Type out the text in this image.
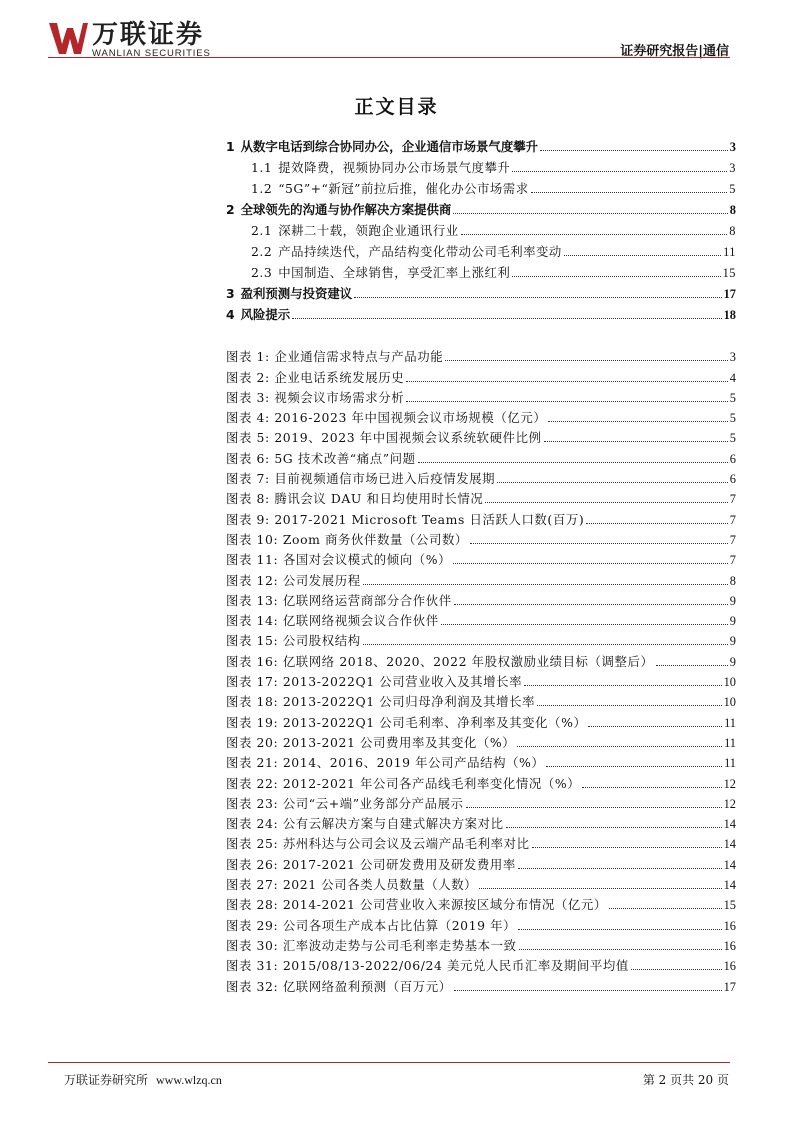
万联证券
WANLIAN SECURITIES	证券研究报告|通信
正文目录
1 从数字电话到综合协同办公，企业通信市场景气度攀升	3
1.1 提效降费，视频协同办公市场景气度攀升	3
1.2 “5G”+“新冠”前拉后推，催化办公市场需求	5
2 全球领先的沟通与协作解决方案提供商	8
2.1 深耕二十载，领跑企业通讯行业	8
2.2 产品持续迭代，产品结构变化带动公司毛利率变动	11
2.3 中国制造、全球销售，享受汇率上涨红利	15
3 盈利预测与投资建议	17
4 风险提示	18
图表 1: 企业通信需求特点与产品功能	3
图表 2: 企业电话系统发展历史	4
图表 3: 视频会议市场需求分析	5
图表 4: 2016-2023 年中国视频会议市场规模（亿元）	5
图表 5: 2019、2023 年中国视频会议系统软硬件比例	5
图表 6: 5G 技术改善“痛点”问题	6
图表 7: 目前视频通信市场已进入后疫情发展期	6
图表 8: 腾讯会议 DAU 和日均使用时长情况	7
图表 9: 2017-2021 Microsoft Teams 日活跃人口数(百万)	7
图表 10: Zoom 商务伙伴数量（公司数）	7
图表 11: 各国对会议模式的倾向（%）	7
图表 12: 公司发展历程	8
图表 13: 亿联网络运营商部分合作伙伴	9
图表 14: 亿联网络视频会议合作伙伴	9
图表 15: 公司股权结构	9
图表 16: 亿联网络 2018、2020、2022 年股权激励业绩目标（调整后）	9
图表 17: 2013-2022Q1 公司营业收入及其增长率	10
图表 18: 2013-2022Q1 公司归母净利润及其增长率	10
图表 19: 2013-2022Q1 公司毛利率、净利率及其变化（%）	11
图表 20: 2013-2021 公司费用率及其变化（%）	11
图表 21: 2014、2016、2019 年公司产品结构（%）	11
图表 22: 2012-2021 年公司各产品线毛利率变化情况（%）	12
图表 23: 公司“云+端”业务部分产品展示	12
图表 24: 公有云解决方案与自建式解决方案对比	14
图表 25: 苏州科达与公司会议及云端产品毛利率对比	14
图表 26: 2017-2021 公司研发费用及研发费用率	14
图表 27: 2021 公司各类人员数量（人数）	14
图表 28: 2014-2021 公司营业收入来源按区域分布情况（亿元）	15
图表 29: 公司各项生产成本占比估算（2019 年）	16
图表 30: 汇率波动走势与公司毛利率走势基本一致	16
图表 31: 2015/08/13-2022/06/24 美元兑人民币汇率及期间平均值	16
图表 32: 亿联网络盈利预测（百万元）	17
万联证券研究所 www.wlzq.cn	第 2 页共 20 页
